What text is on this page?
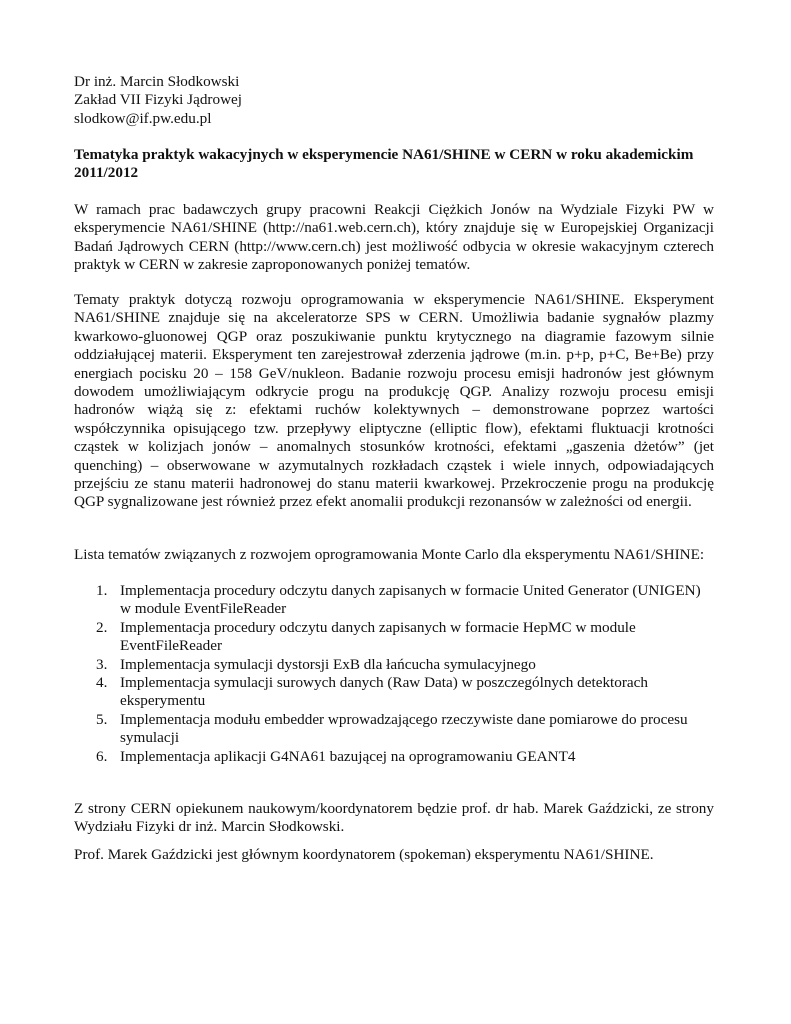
Dr inż. Marcin Słodkowski
Zakład VII Fizyki Jądrowej
slodkow@if.pw.edu.pl
Tematyka praktyk wakacyjnych w eksperymencie NA61/SHINE w CERN w roku akademickim 2011/2012
W ramach prac badawczych grupy pracowni Reakcji Ciężkich Jonów na Wydziale Fizyki PW w eksperymencie NA61/SHINE (http://na61.web.cern.ch), który znajduje się w Europejskiej Organizacji Badań Jądrowych CERN (http://www.cern.ch) jest możliwość odbycia w okresie wakacyjnym czterech praktyk w CERN w zakresie zaproponowanych poniżej tematów.
Tematy praktyk dotyczą rozwoju oprogramowania w eksperymencie NA61/SHINE. Eksperyment NA61/SHINE znajduje się na akceleratorze SPS w CERN. Umożliwia badanie sygnałów plazmy kwarkowo-gluonowej QGP oraz poszukiwanie punktu krytycznego na diagramie fazowym silnie oddziałującej materii. Eksperyment ten zarejestrował zderzenia jądrowe (m.in. p+p, p+C, Be+Be) przy energiach pocisku 20 – 158 GeV/nukleon. Badanie rozwoju procesu emisji hadronów jest głównym dowodem umożliwiającym odkrycie progu na produkcję QGP. Analizy rozwoju procesu emisji hadronów wiążą się z: efektami ruchów kolektywnych – demonstrowane poprzez wartości współczynnika opisującego tzw. przepływy eliptyczne (elliptic flow), efektami fluktuacji krotności cząstek w kolizjach jonów – anomalnych stosunków krotności, efektami „gaszenia dżetów” (jet quenching) – obserwowane w azymutalnych rozkładach cząstek i wiele innych, odpowiadających przejściu ze stanu materii hadronowej do stanu materii kwarkowej. Przekroczenie progu na produkcję QGP sygnalizowane jest również przez efekt anomalii produkcji rezonansów w zależności od energii.
Lista tematów związanych z rozwojem oprogramowania Monte Carlo dla eksperymentu NA61/SHINE:
1. Implementacja procedury odczytu danych zapisanych w formacie United Generator (UNIGEN) w module EventFileReader
2. Implementacja procedury odczytu danych zapisanych w formacie HepMC w module EventFileReader
3. Implementacja symulacji dystorsji ExB dla łańcucha symulacyjnego
4. Implementacja symulacji surowych danych (Raw Data) w poszczególnych detektorach eksperymentu
5. Implementacja modułu embedder wprowadzającego rzeczywiste dane pomiarowe do procesu symulacji
6. Implementacja aplikacji G4NA61 bazującej na oprogramowaniu GEANT4
Z strony CERN opiekunem naukowym/koordynatorem będzie prof. dr hab. Marek Gaździcki, ze strony Wydziału Fizyki dr inż. Marcin Słodkowski.
Prof. Marek Gaździcki jest głównym koordynatorem (spokeman) eksperymentu NA61/SHINE.
